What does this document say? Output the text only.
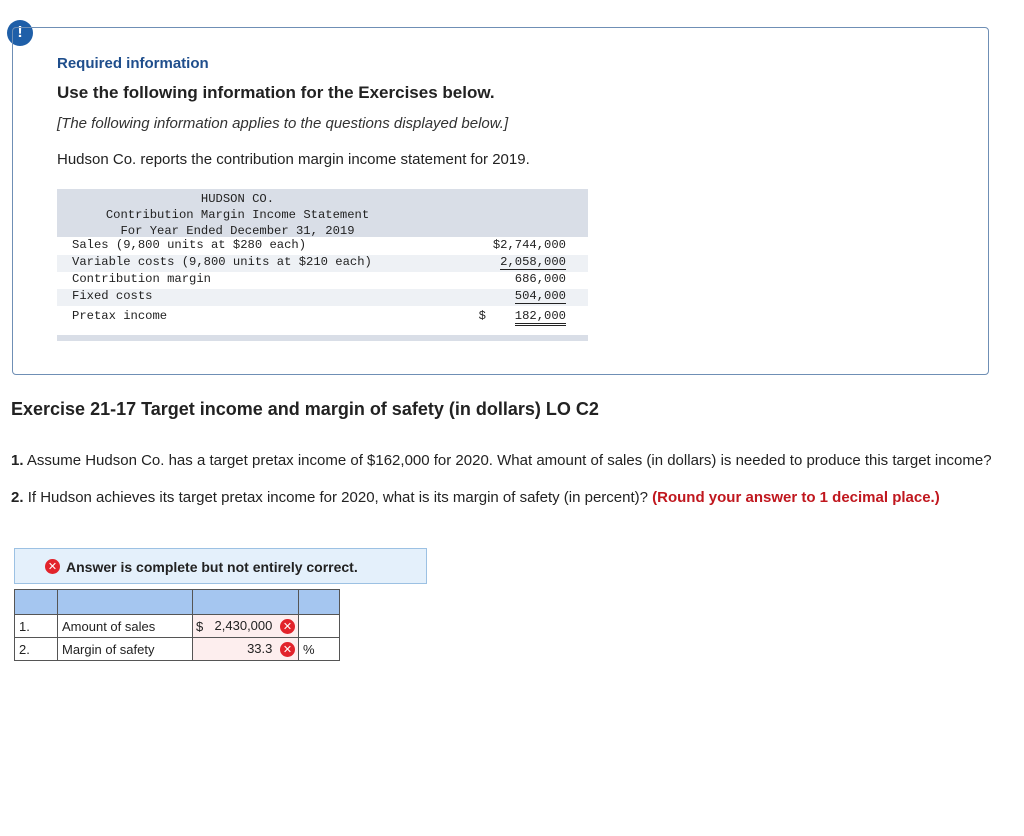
!
Required information
Use the following information for the Exercises below.
[The following information applies to the questions displayed below.]
Hudson Co. reports the contribution margin income statement for 2019.
HUDSON CO.
Contribution Margin Income Statement
For Year Ended December 31, 2019
Sales (9,800 units at $280 each)	$2,744,000
Variable costs (9,800 units at $210 each)	2,058,000
Contribution margin	686,000
Fixed costs	504,000
Pretax income	$ 182,000
Exercise 21-17 Target income and margin of safety (in dollars) LO C2
1. Assume Hudson Co. has a target pretax income of $162,000 for 2020. What amount of sales (in dollars) is needed to produce this target income?
2. If Hudson achieves its target pretax income for 2020, what is its margin of safety (in percent)? (Round your answer to 1 decimal place.)
✕ Answer is complete but not entirely correct.

1.	Amount of sales	$ 2,430,000 ✕	
2.	Margin of safety	33.3 ✕	%
